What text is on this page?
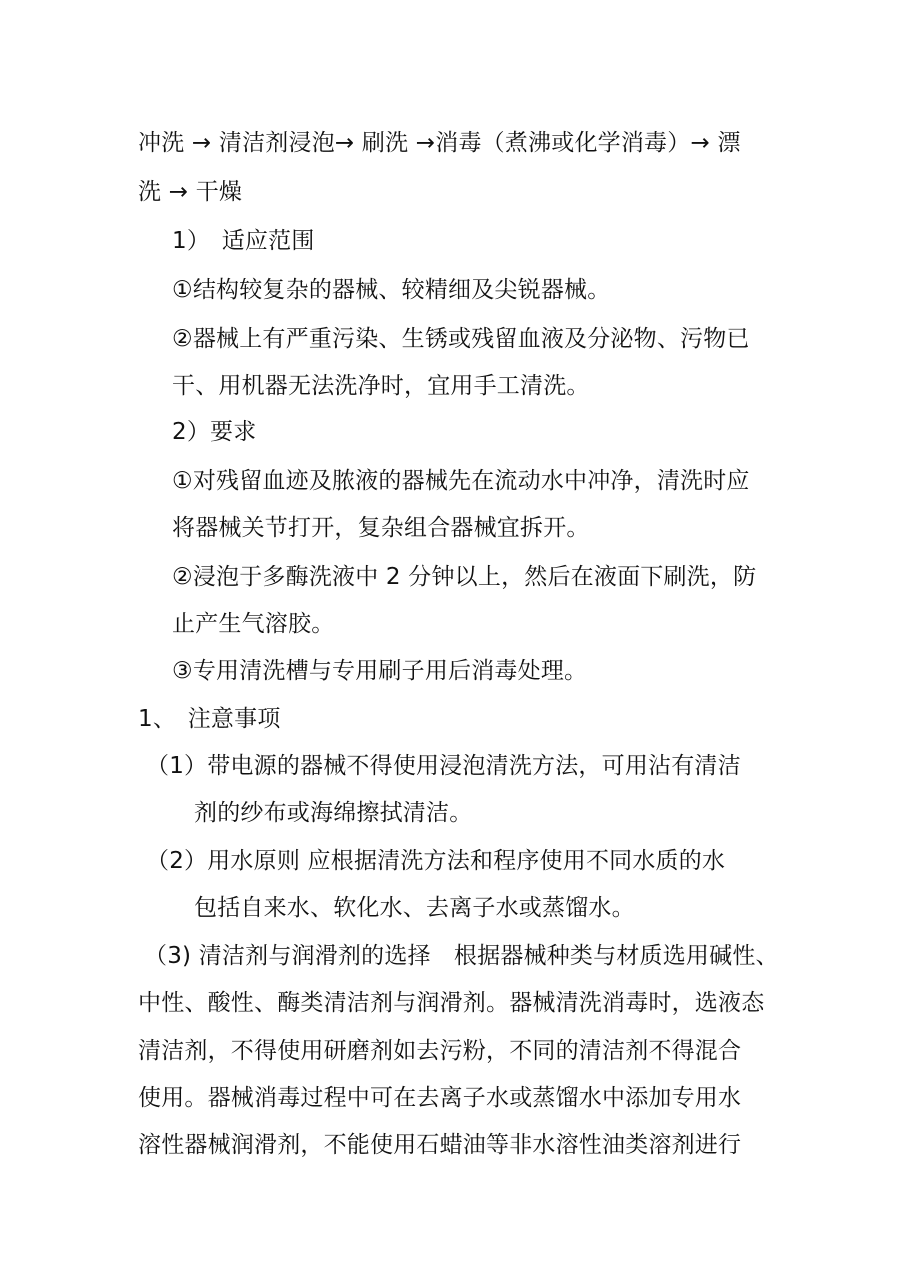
冲洗 → 清洁剂浸泡→ 刷洗 →消毒（煮沸或化学消毒）→ 漂
洗 → 干燥
1）　适应范围
①结构较复杂的器械、较精细及尖锐器械。
②器械上有严重污染、生锈或残留血液及分泌物、污物已
干、用机器无法洗净时，宜用手工清洗。
2）要求
①对残留血迹及脓液的器械先在流动水中冲净，清洗时应
将器械关节打开，复杂组合器械宜拆开。
②浸泡于多酶洗液中 2 分钟以上，然后在液面下刷洗，防
止产生气溶胶。
③专用清洗槽与专用刷子用后消毒处理。
1、　注意事项
（1）带电源的器械不得使用浸泡清洗方法，可用沾有清洁
剂的纱布或海绵擦拭清洁。
（2）用水原则 应根据清洗方法和程序使用不同水质的水
包括自来水、软化水、去离子水或蒸馏水。
（3) 清洁剂与润滑剂的选择　根据器械种类与材质选用碱性、
中性、酸性、酶类清洁剂与润滑剂。器械清洗消毒时，选液态
清洁剂，不得使用研磨剂如去污粉，不同的清洁剂不得混合
使用。器械消毒过程中可在去离子水或蒸馏水中添加专用水
溶性器械润滑剂，不能使用石蜡油等非水溶性油类溶剂进行
